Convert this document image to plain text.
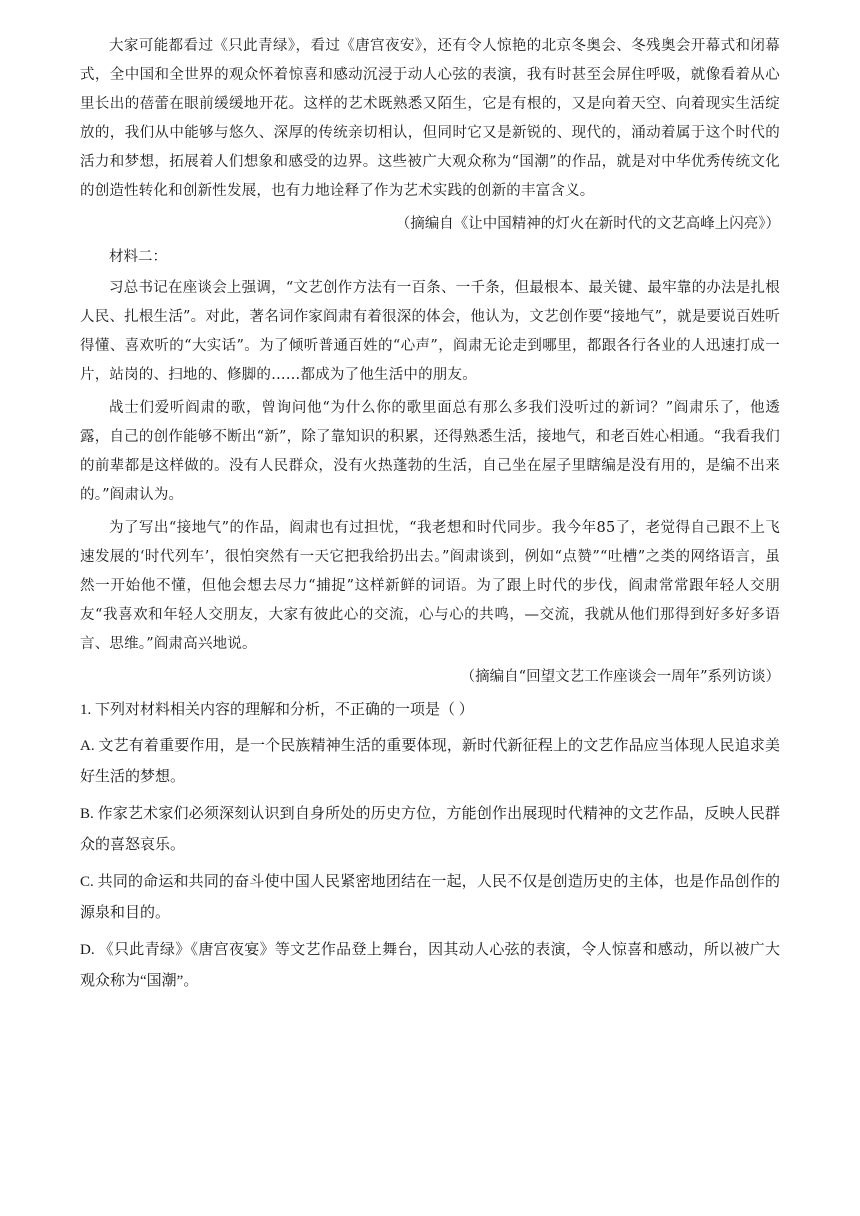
大家可能都看过《只此青绿》，看过《唐宫夜安》，还有令人惊艳的北京冬奥会、冬残奥会开幕式和闭幕式，全中国和全世界的观众怀着惊喜和感动沉浸于动人心弦的表演，我有时甚至会屏住呼吸，就像看着从心里长出的蓓蕾在眼前缓缓地开花。这样的艺术既熟悉又陌生，它是有根的，又是向着天空、向着现实生活绽放的，我们从中能够与悠久、深厚的传统亲切相认，但同时它又是新锐的、现代的，涌动着属于这个时代的活力和梦想，拓展着人们想象和感受的边界。这些被广大观众称为“国潮”的作品，就是对中华优秀传统文化的创造性转化和创新性发展，也有力地诠释了作为艺术实践的创新的丰富含义。

（摘编自《让中国精神的灯火在新时代的文艺高峰上闪亮》）

材料二：

习总书记在座谈会上强调，“文艺创作方法有一百条、一千条，但最根本、最关键、最牢靠的办法是扎根人民、扎根生活”。对此，著名词作家阎肃有着很深的体会，他认为，文艺创作要“接地气”，就是要说百姓听得懂、喜欢听的“大实话”。为了倾听普通百姓的“心声”，阎肃无论走到哪里，都跟各行各业的人迅速打成一片，站岗的、扫地的、修脚的……都成为了他生活中的朋友。

战士们爱听阎肃的歌，曾询问他“为什么你的歌里面总有那么多我们没听过的新词？”阎肃乐了，他透露，自己的创作能够不断出“新”，除了靠知识的积累，还得熟悉生活，接地气，和老百姓心相通。“我看我们的前辈都是这样做的。没有人民群众，没有火热蓬勃的生活，自己坐在屋子里瞎编是没有用的，是编不出来的。”阎肃认为。

为了写出“接地气”的作品，阎肃也有过担忧，“我老想和时代同步。我今年85了，老觉得自己跟不上飞速发展的‘时代列车’，很怕突然有一天它把我给扔出去。”阎肃谈到，例如“点赞”“吐槽”之类的网络语言，虽然一开始他不懂，但他会想去尽力“捕捉”这样新鲜的词语。为了跟上时代的步伐，阎肃常常跟年轻人交朋友“我喜欢和年轻人交朋友，大家有彼此心的交流，心与心的共鸣，—交流，我就从他们那得到好多好多语言、思维。”阎肃高兴地说。

（摘编自“回望文艺工作座谈会一周年”系列访谈）

1. 下列对材料相关内容的理解和分析，不正确的一项是（ ）

A. 文艺有着重要作用，是一个民族精神生活的重要体现，新时代新征程上的文艺作品应当体现人民追求美好生活的梦想。

B. 作家艺术家们必须深刻认识到自身所处的历史方位，方能创作出展现时代精神的文艺作品，反映人民群众的喜怒哀乐。

C. 共同的命运和共同的奋斗使中国人民紧密地团结在一起，人民不仅是创造历史的主体，也是作品创作的源泉和目的。

D. 《只此青绿》《唐宫夜宴》等文艺作品登上舞台，因其动人心弦的表演，令人惊喜和感动，所以被广大观众称为“国潮”。
